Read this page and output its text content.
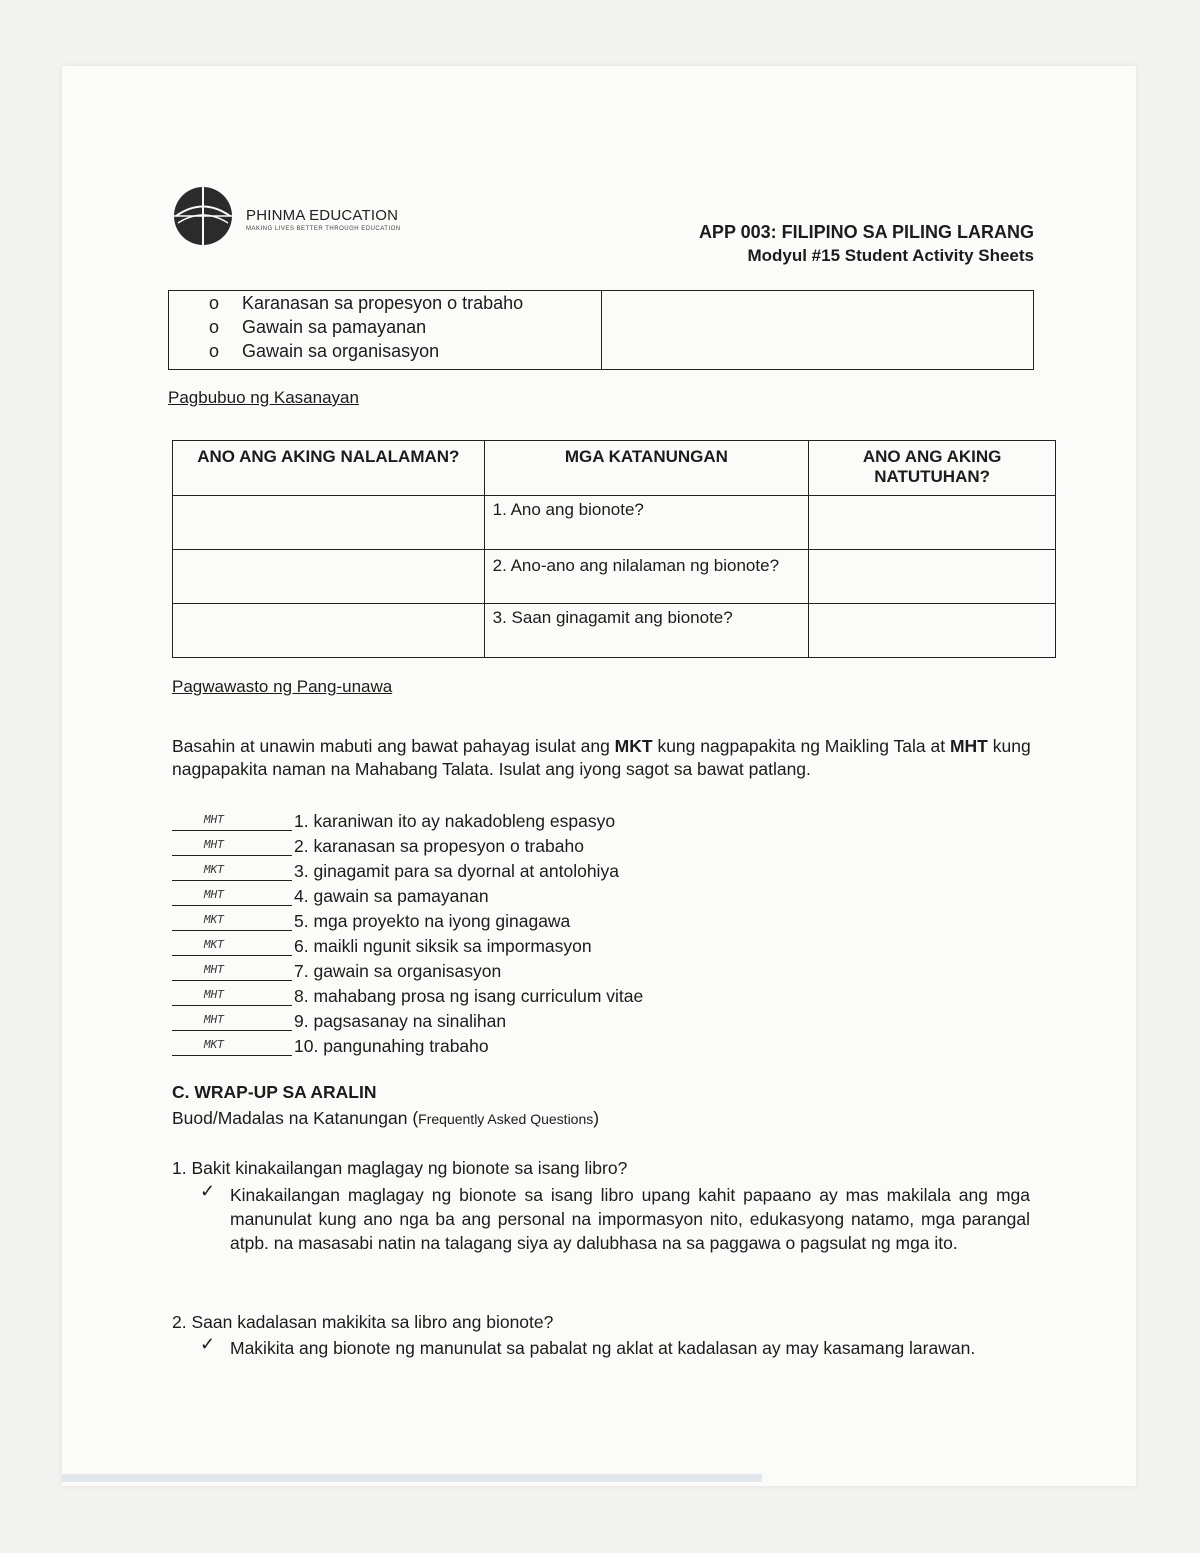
PHINMA EDUCATION
MAKING LIVES BETTER THROUGH EDUCATION	APP 003: FILIPINO SA PILING LARANG
Modyul #15 Student Activity Sheets
o Karanasan sa propesyon o trabaho
o Gawain sa pamayanan
o Gawain sa organisasyon
Pagbubuo ng Kasanayan
ANO ANG AKING NALALAMAN?	MGA KATANUNGAN	ANO ANG AKING NATUTUHAN?
	1. Ano ang bionote?	
	2. Ano-ano ang nilalaman ng bionote?	
	3. Saan ginagamit ang bionote?	
Pagwawasto ng Pang-unawa
Basahin at unawin mabuti ang bawat pahayag isulat ang MKT kung nagpapakita ng Maikling Tala at MHT kung nagpapakita naman na Mahabang Talata. Isulat ang iyong sagot sa bawat patlang.
MHT	1. karaniwan ito ay nakadobleng espasyo
MHT	2. karanasan sa propesyon o trabaho
MKT	3. ginagamit para sa dyornal at antolohiya
MHT	4. gawain sa pamayanan
MKT	5. mga proyekto na iyong ginagawa
MKT	6. maikli ngunit siksik sa impormasyon
MHT	7. gawain sa organisasyon
MHT	8. mahabang prosa ng isang curriculum vitae
MHT	9. pagsasanay na sinalihan
MKT	10. pangunahing trabaho
C. WRAP-UP SA ARALIN
Buod/Madalas na Katanungan (Frequently Asked Questions)
1. Bakit kinakailangan maglagay ng bionote sa isang libro?
✓ Kinakailangan maglagay ng bionote sa isang libro upang kahit papaano ay mas makilala ang mga manunulat kung ano nga ba ang personal na impormasyon nito, edukasyong natamo, mga parangal atpb. na masasabi natin na talagang siya ay dalubhasa na sa paggawa o pagsulat ng mga ito.
2. Saan kadalasan makikita sa libro ang bionote?
✓ Makikita ang bionote ng manunulat sa pabalat ng aklat at kadalasan ay may kasamang larawan.
